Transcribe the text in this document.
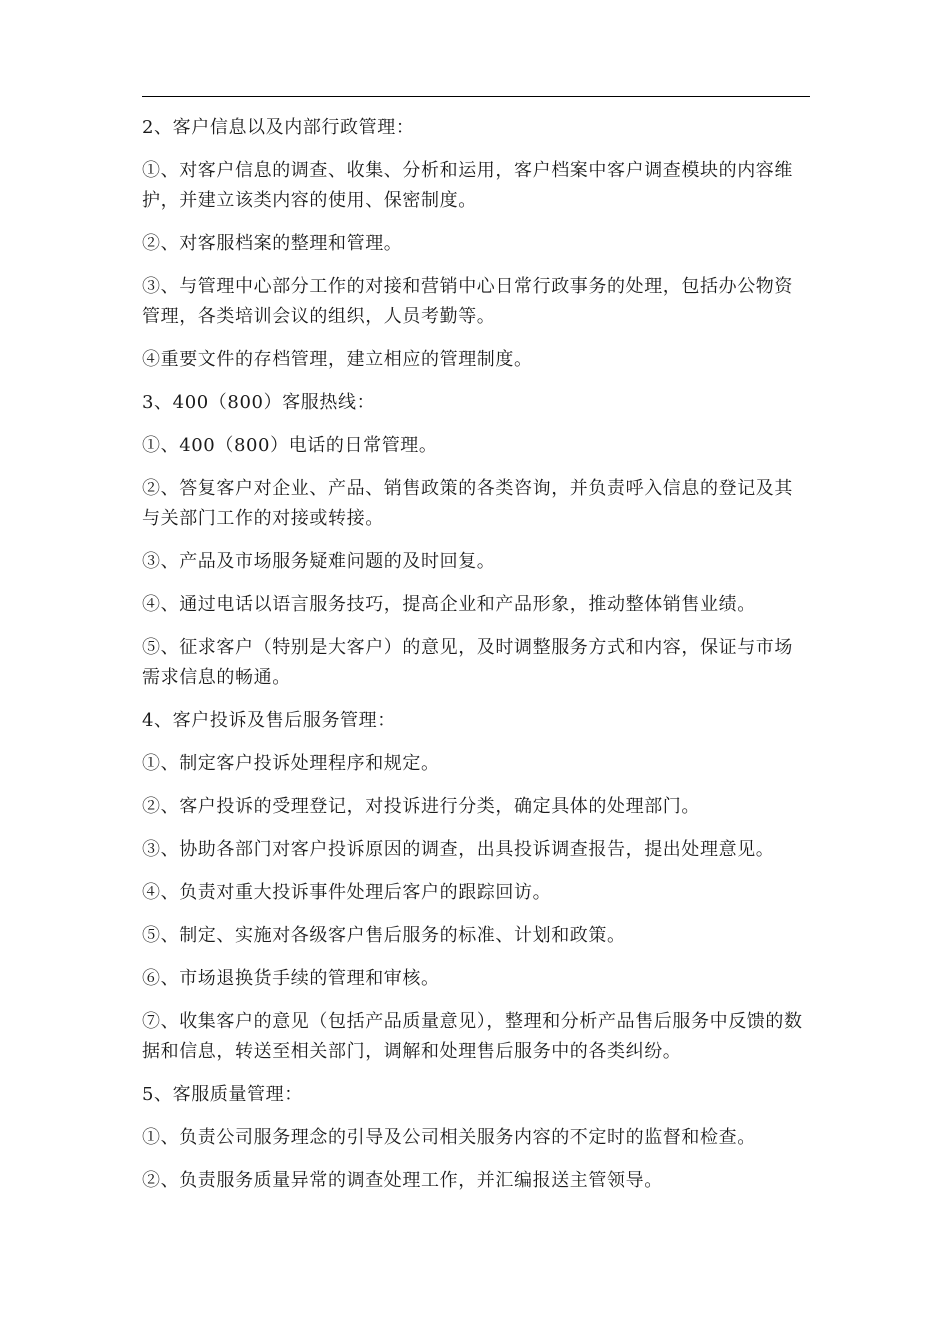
2、客户信息以及内部行政管理：

①、对客户信息的调查、收集、分析和运用，客户档案中客户调查模块的内容维护，并建立该类内容的使用、保密制度。

②、对客服档案的整理和管理。

③、与管理中心部分工作的对接和营销中心日常行政事务的处理，包括办公物资管理，各类培训会议的组织，人员考勤等。

④重要文件的存档管理，建立相应的管理制度。

3、400（800）客服热线：

①、400（800）电话的日常管理。

②、答复客户对企业、产品、销售政策的各类咨询，并负责呼入信息的登记及其与关部门工作的对接或转接。

③、产品及市场服务疑难问题的及时回复。

④、通过电话以语言服务技巧，提高企业和产品形象，推动整体销售业绩。

⑤、征求客户（特别是大客户）的意见，及时调整服务方式和内容，保证与市场需求信息的畅通。

4、客户投诉及售后服务管理：

①、制定客户投诉处理程序和规定。

②、客户投诉的受理登记，对投诉进行分类，确定具体的处理部门。

③、协助各部门对客户投诉原因的调查，出具投诉调查报告，提出处理意见。

④、负责对重大投诉事件处理后客户的跟踪回访。

⑤、制定、实施对各级客户售后服务的标准、计划和政策。

⑥、市场退换货手续的管理和审核。

⑦、收集客户的意见（包括产品质量意见），整理和分析产品售后服务中反馈的数据和信息，转送至相关部门，调解和处理售后服务中的各类纠纷。

5、客服质量管理：

①、负责公司服务理念的引导及公司相关服务内容的不定时的监督和检查。

②、负责服务质量异常的调查处理工作，并汇编报送主管领导。
